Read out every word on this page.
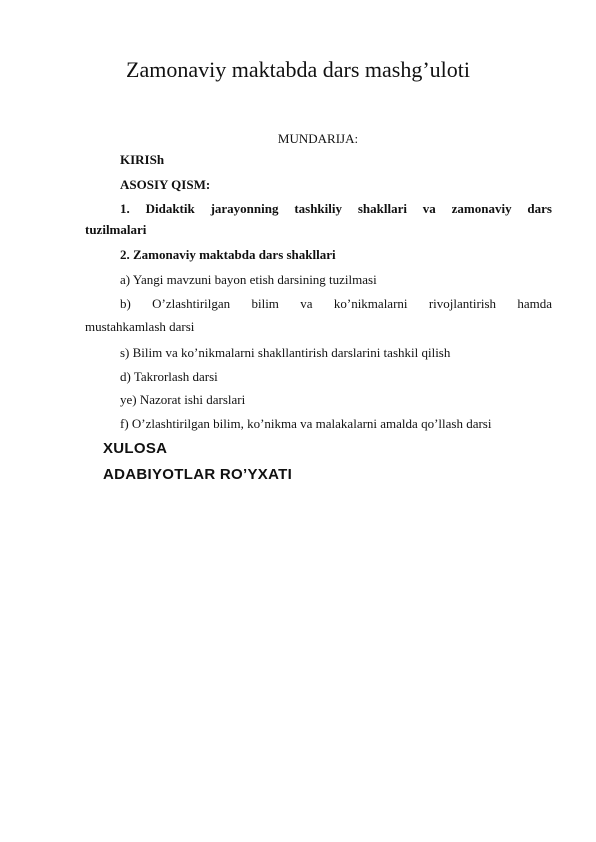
Zamonaviy maktabda dars mashg’uloti
MUNDARIJA:
KIRISh
ASOSIY QISM:
1. Didaktik jarayonning tashkiliy shakllari va zamonaviy dars
tuzilmalari
2. Zamonaviy maktabda dars shakllari
a) Yangi mavzuni bayon etish darsining tuzilmasi
b) O’zlashtirilgan bilim va ko’nikmalarni rivojlantirish hamda
mustahkamlash darsi
s) Bilim va ko’nikmalarni shakllantirish darslarini tashkil qilish
d) Takrorlash darsi
ye) Nazorat ishi darslari
f) O’zlashtirilgan bilim, ko’nikma va malakalarni amalda qo’llash darsi
XULOSA
ADABIYOTLAR RO’YXATI
